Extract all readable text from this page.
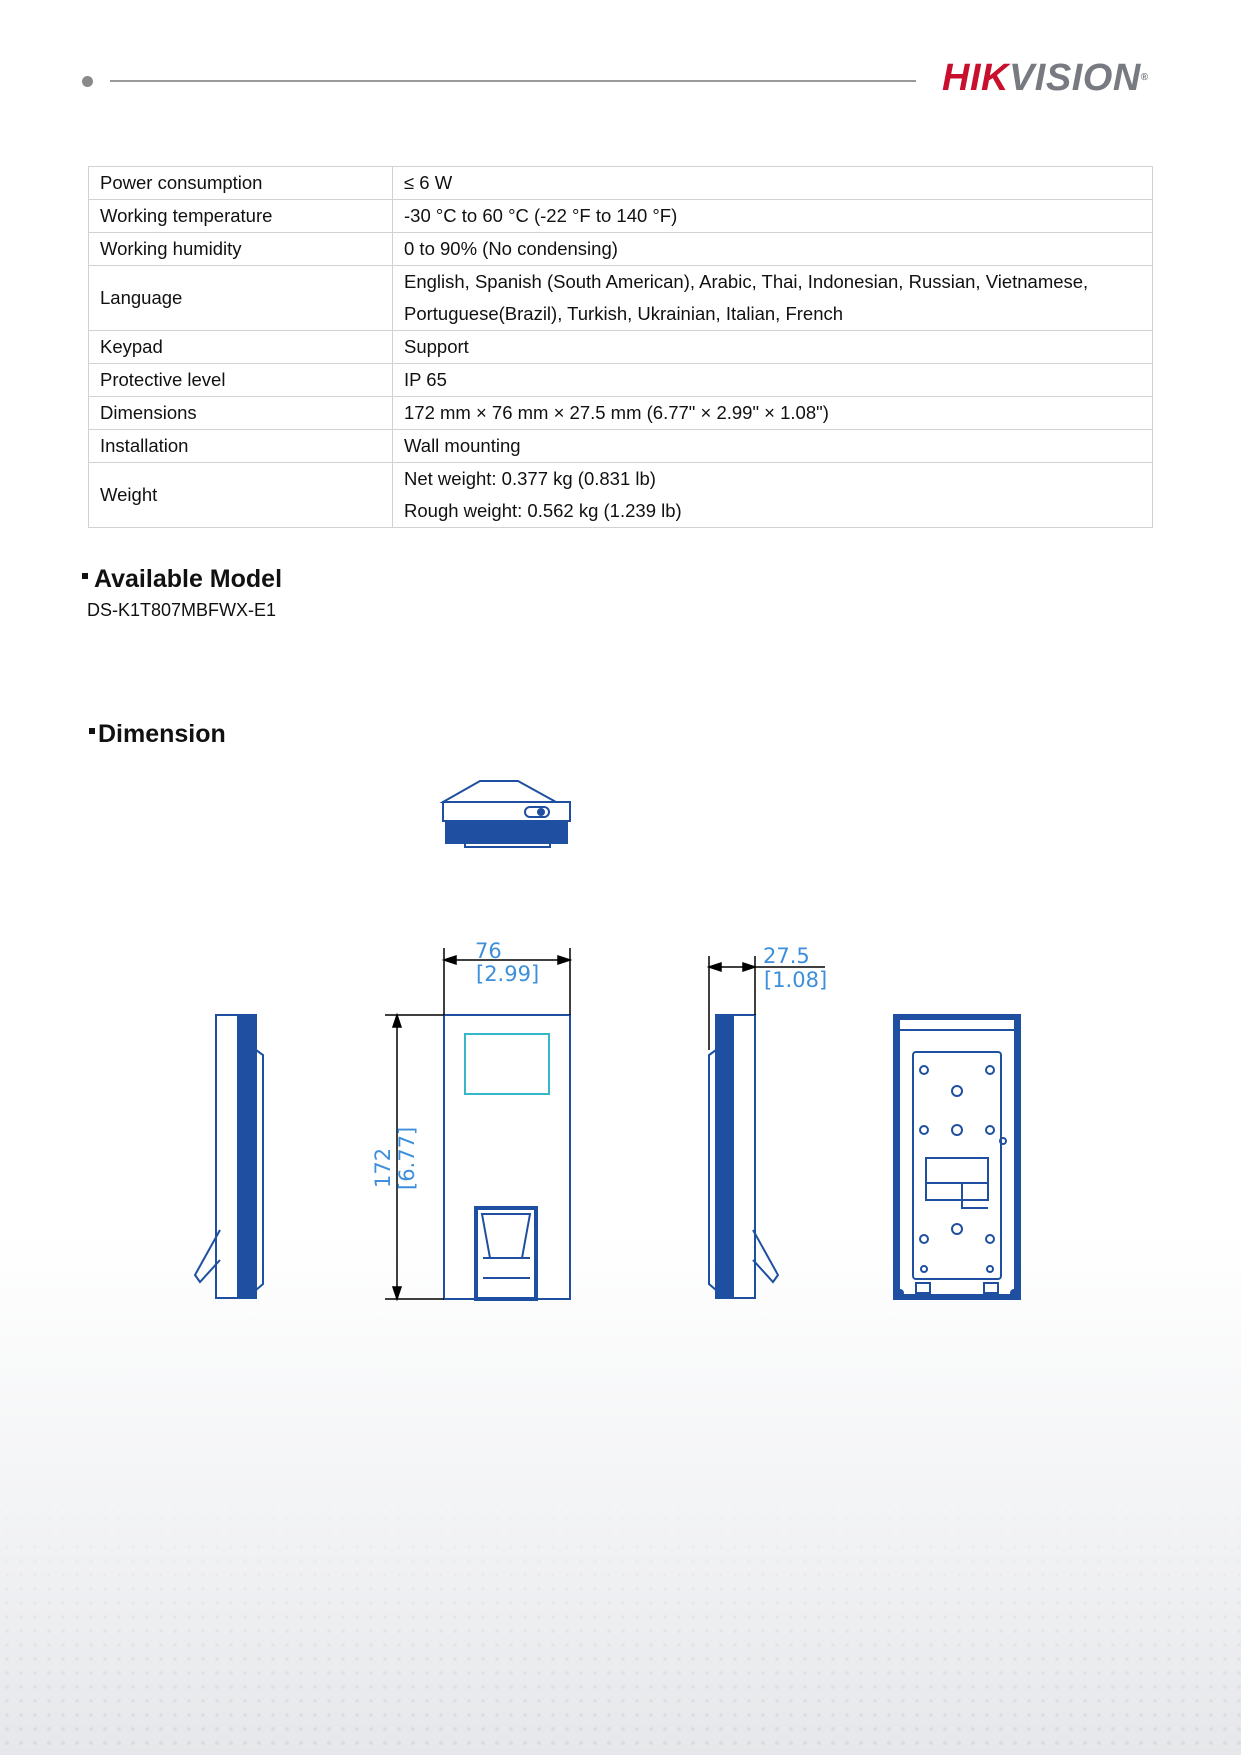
HIKVISION®
Power consumption	≤ 6 W

Working temperature	-30 °C to 60 °C (-22 °F to 140 °F)

Working humidity	0 to 90% (No condensing)

Language	English, Spanish (South American), Arabic, Thai, Indonesian, Russian, Vietnamese,
Portuguese(Brazil), Turkish, Ukrainian, Italian, French

Keypad	Support

Protective level	IP 65

Dimensions	172 mm × 76 mm × 27.5 mm (6.77" × 2.99" × 1.08")

Installation	Wall mounting

Weight	Net weight: 0.377 kg (0.831 lb)
Rough weight: 0.562 kg (1.239 lb)
Available Model
DS-K1T807MBFWX-E1
Dimension
76
[2.99]
172 [6.77]
27.5
[1.08]
